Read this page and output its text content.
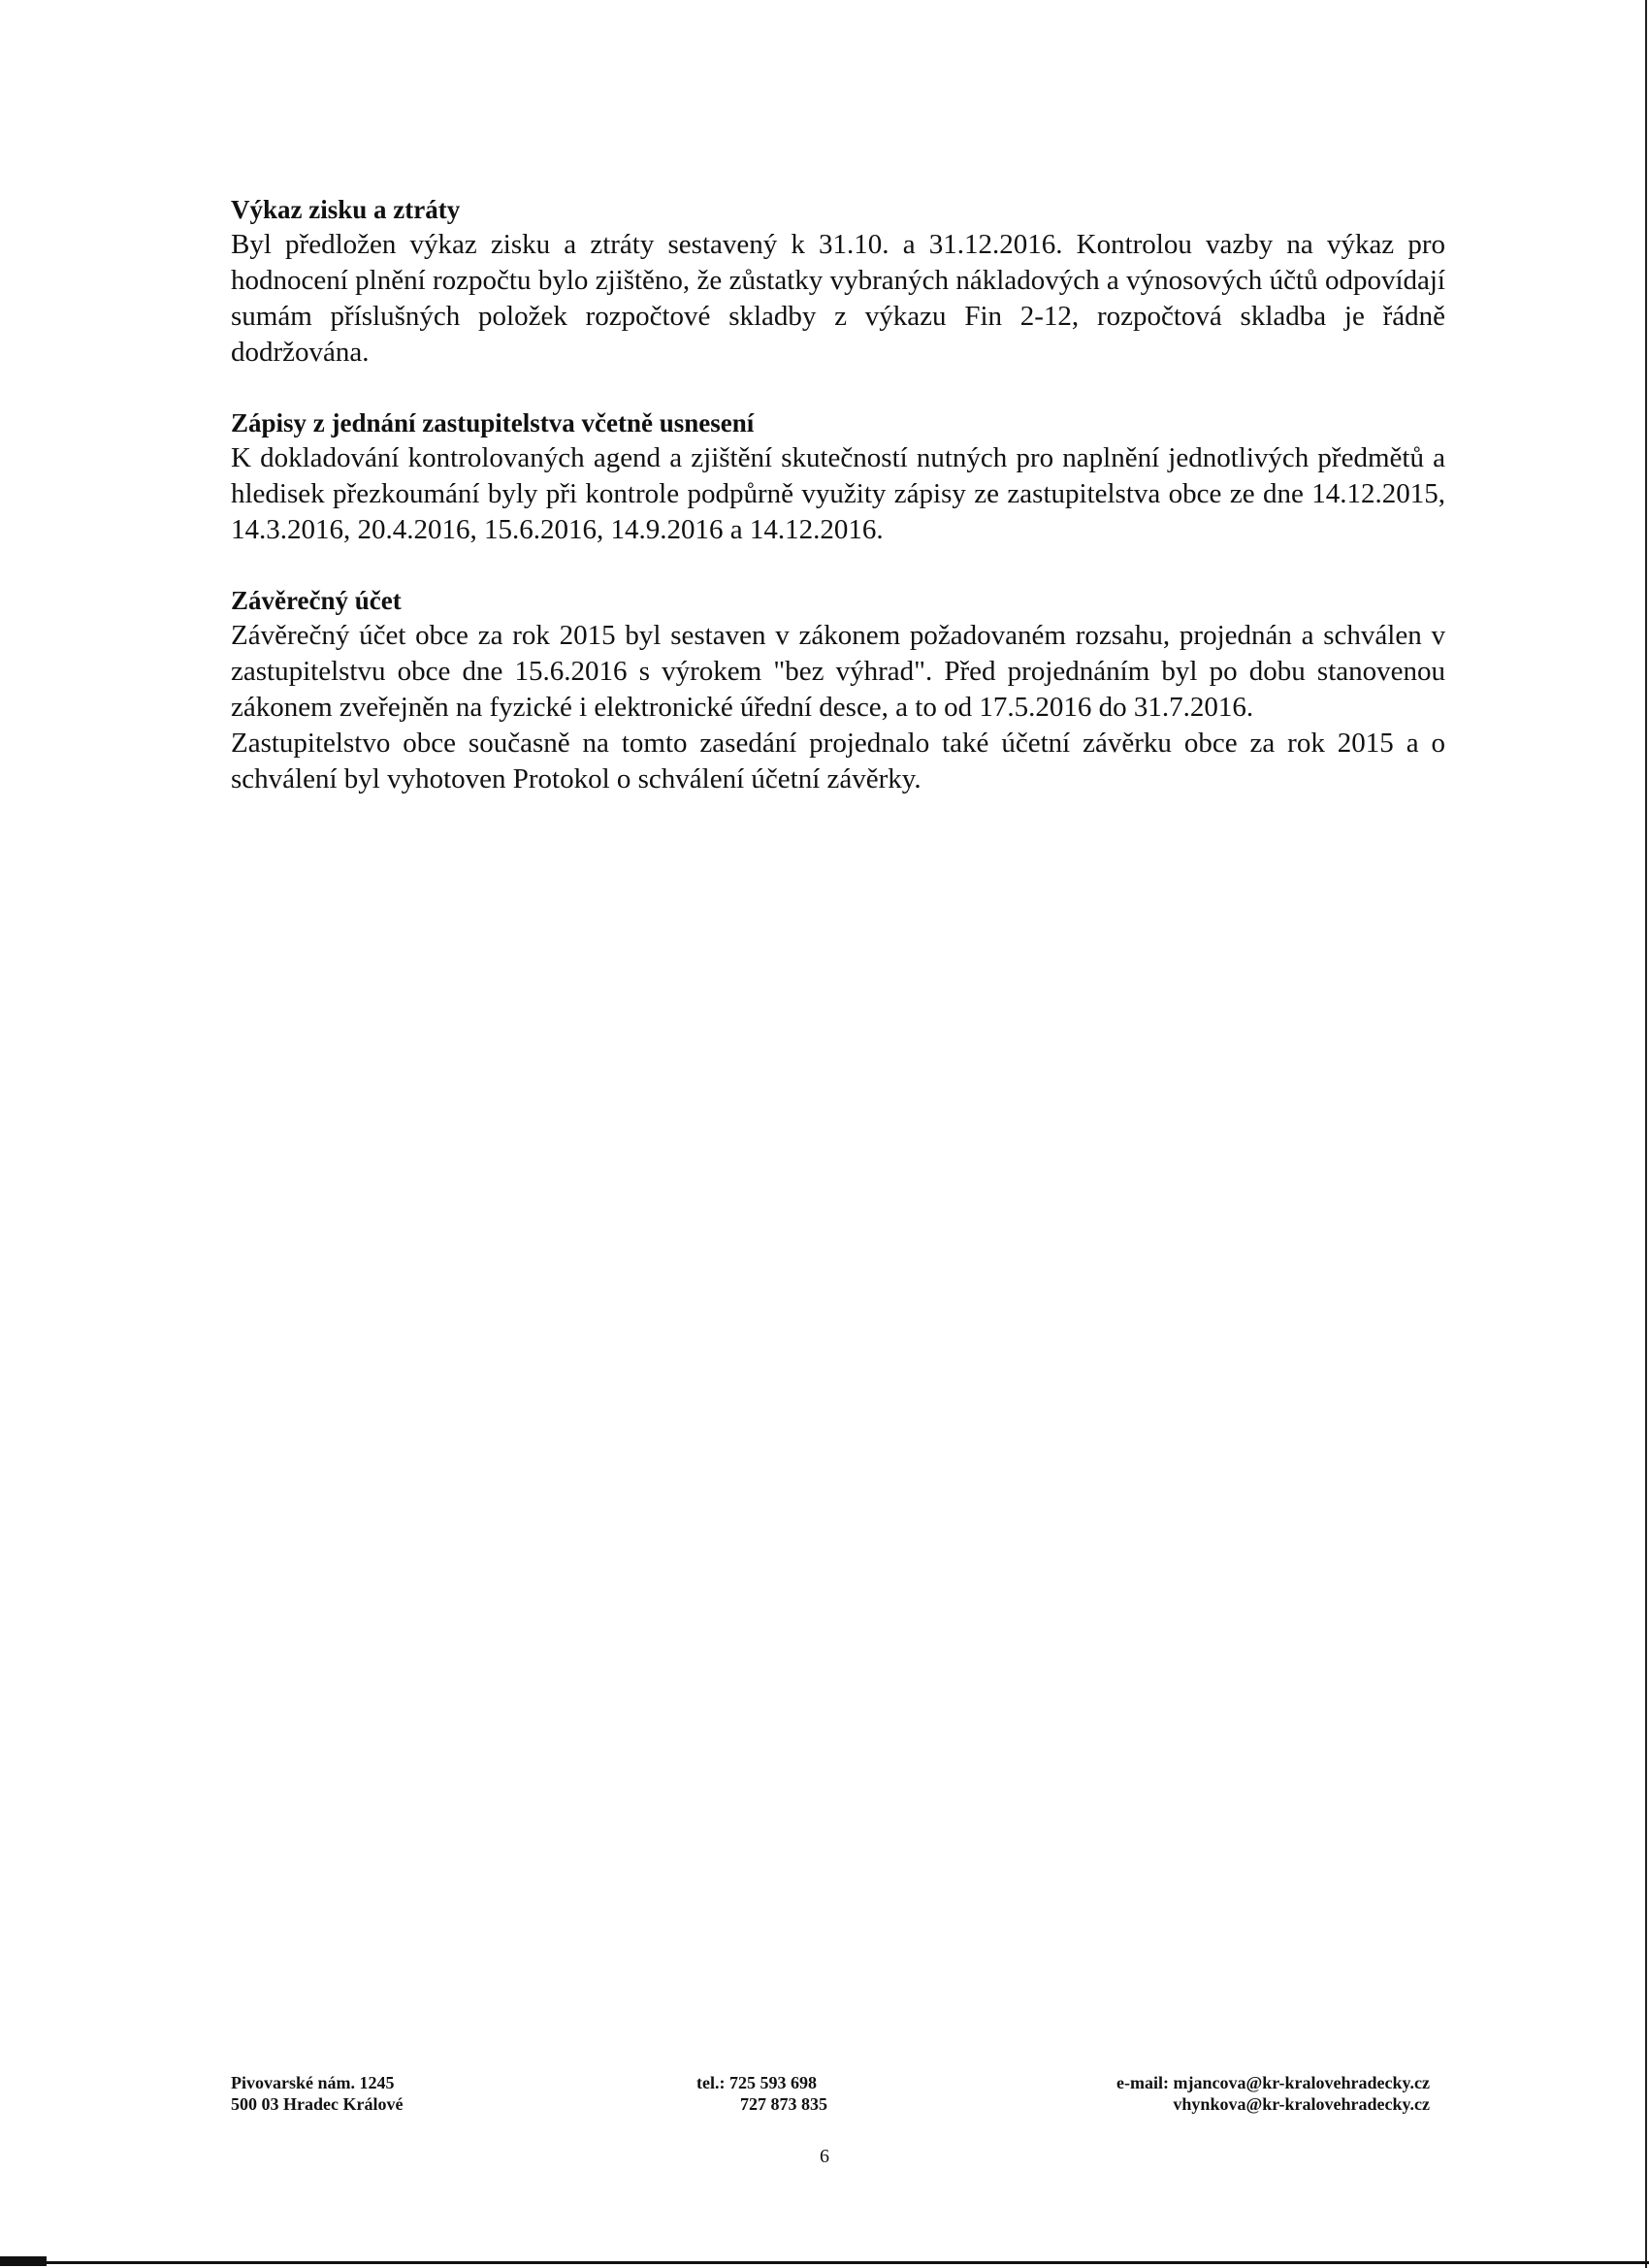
Výkaz zisku a ztráty

Byl předložen výkaz zisku a ztráty sestavený k 31.10. a 31.12.2016. Kontrolou vazby na výkaz pro hodnocení plnění rozpočtu bylo zjištěno, že zůstatky vybraných nákladových a výnosových účtů odpovídají sumám příslušných položek rozpočtové skladby z výkazu Fin 2-12, rozpočtová skladba je řádně dodržována.

Zápisy z jednání zastupitelstva včetně usnesení

K dokladování kontrolovaných agend a zjištění skutečností nutných pro naplnění jednotlivých předmětů a hledisek přezkoumání byly při kontrole podpůrně využity zápisy ze zastupitelstva obce ze dne 14.12.2015, 14.3.2016, 20.4.2016, 15.6.2016, 14.9.2016 a 14.12.2016.

Závěrečný účet

Závěrečný účet obce za rok 2015 byl sestaven v zákonem požadovaném rozsahu, projednán a schválen v zastupitelstvu obce dne 15.6.2016 s výrokem "bez výhrad". Před projednáním byl po dobu stanovenou zákonem zveřejněn na fyzické i elektronické úřední desce, a to od 17.5.2016 do 31.7.2016.

Zastupitelstvo obce současně na tomto zasedání projednalo také účetní závěrku obce za rok 2015 a o schválení byl vyhotoven Protokol o schválení účetní závěrky.

Pivovarské nám. 1245
500 03 Hradec Králové
tel.: 725 593 698
727 873 835
e-mail: mjancova@kr-kralovehradecky.cz
vhynkova@kr-kralovehradecky.cz
6
